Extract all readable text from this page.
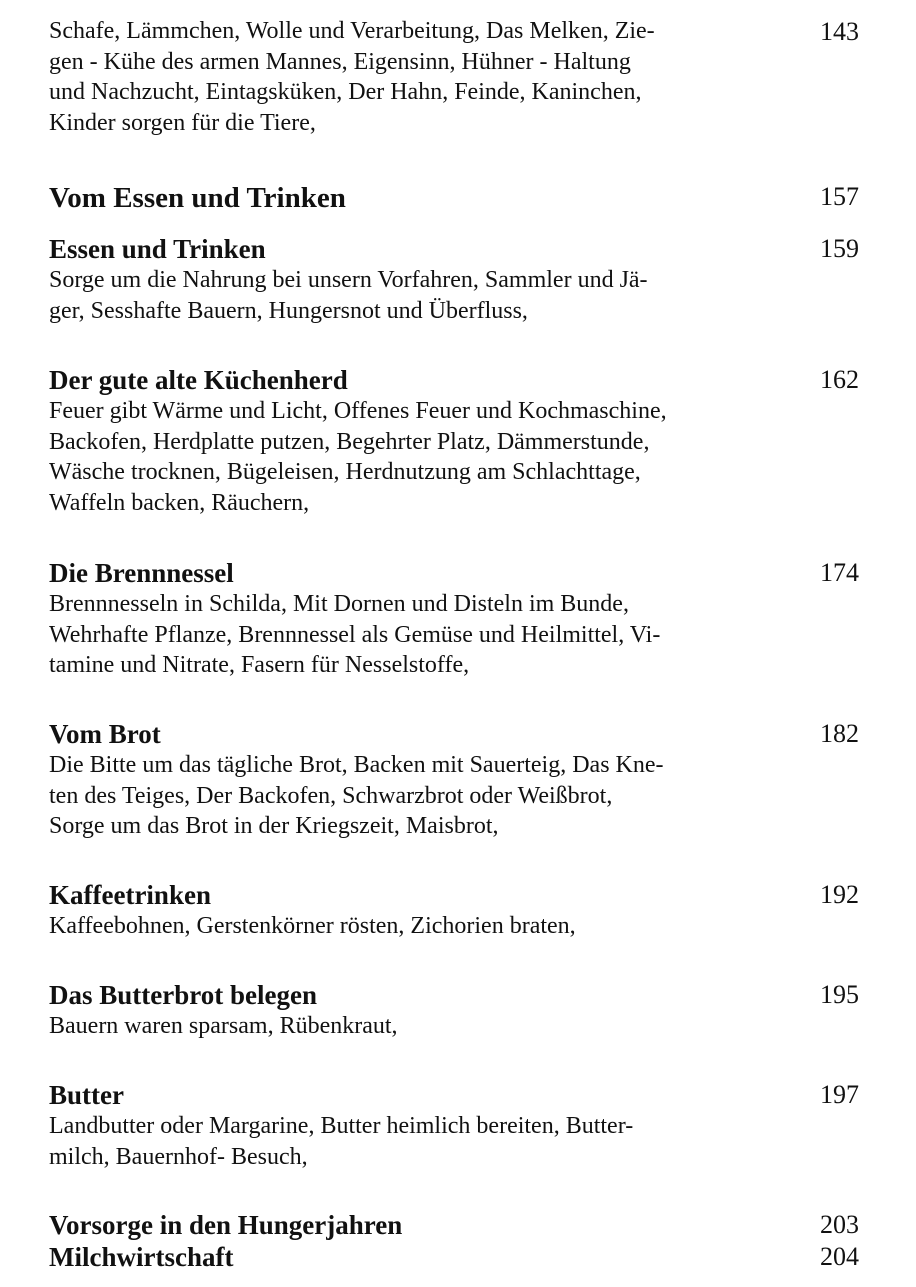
143

Schafe, Lämmchen, Wolle und Verarbeitung, Das Melken, Zie-
gen - Kühe des armen Mannes, Eigensinn, Hühner - Haltung
und Nachzucht, Eintagsküken, Der Hahn, Feinde, Kaninchen,
Kinder sorgen für die Tiere,

Vom Essen und Trinken	157
Essen und Trinken	159

Sorge um die Nahrung bei unsern Vorfahren, Sammler und Jä-
ger, Sesshafte Bauern, Hungersnot und Überfluss,

Der gute alte Küchenherd	162

Feuer gibt Wärme und Licht, Offenes Feuer und Kochmaschine,
Backofen, Herdplatte putzen, Begehrter Platz, Dämmerstunde,
Wäsche trocknen, Bügeleisen, Herdnutzung am Schlachttage,
Waffeln backen, Räuchern,

Die Brennnessel	174

Brennnesseln in Schilda, Mit Dornen und Disteln im Bunde,
Wehrhafte Pflanze, Brennnessel als Gemüse und Heilmittel, Vi-
tamine und Nitrate, Fasern für Nesselstoffe,

Vom Brot	182

Die Bitte um das tägliche Brot, Backen mit Sauerteig, Das Kne-
ten des Teiges, Der Backofen, Schwarzbrot oder Weißbrot,
Sorge um das Brot in der Kriegszeit, Maisbrot,

Kaffeetrinken	192

Kaffeebohnen, Gerstenkörner rösten, Zichorien braten,

Das Butterbrot belegen	195

Bauern waren sparsam, Rübenkraut,

Butter	197

Landbutter oder Margarine, Butter heimlich bereiten, Butter-
milch, Bauernhof- Besuch,

Vorsorge in den Hungerjahren	203
Milchwirtschaft	204
